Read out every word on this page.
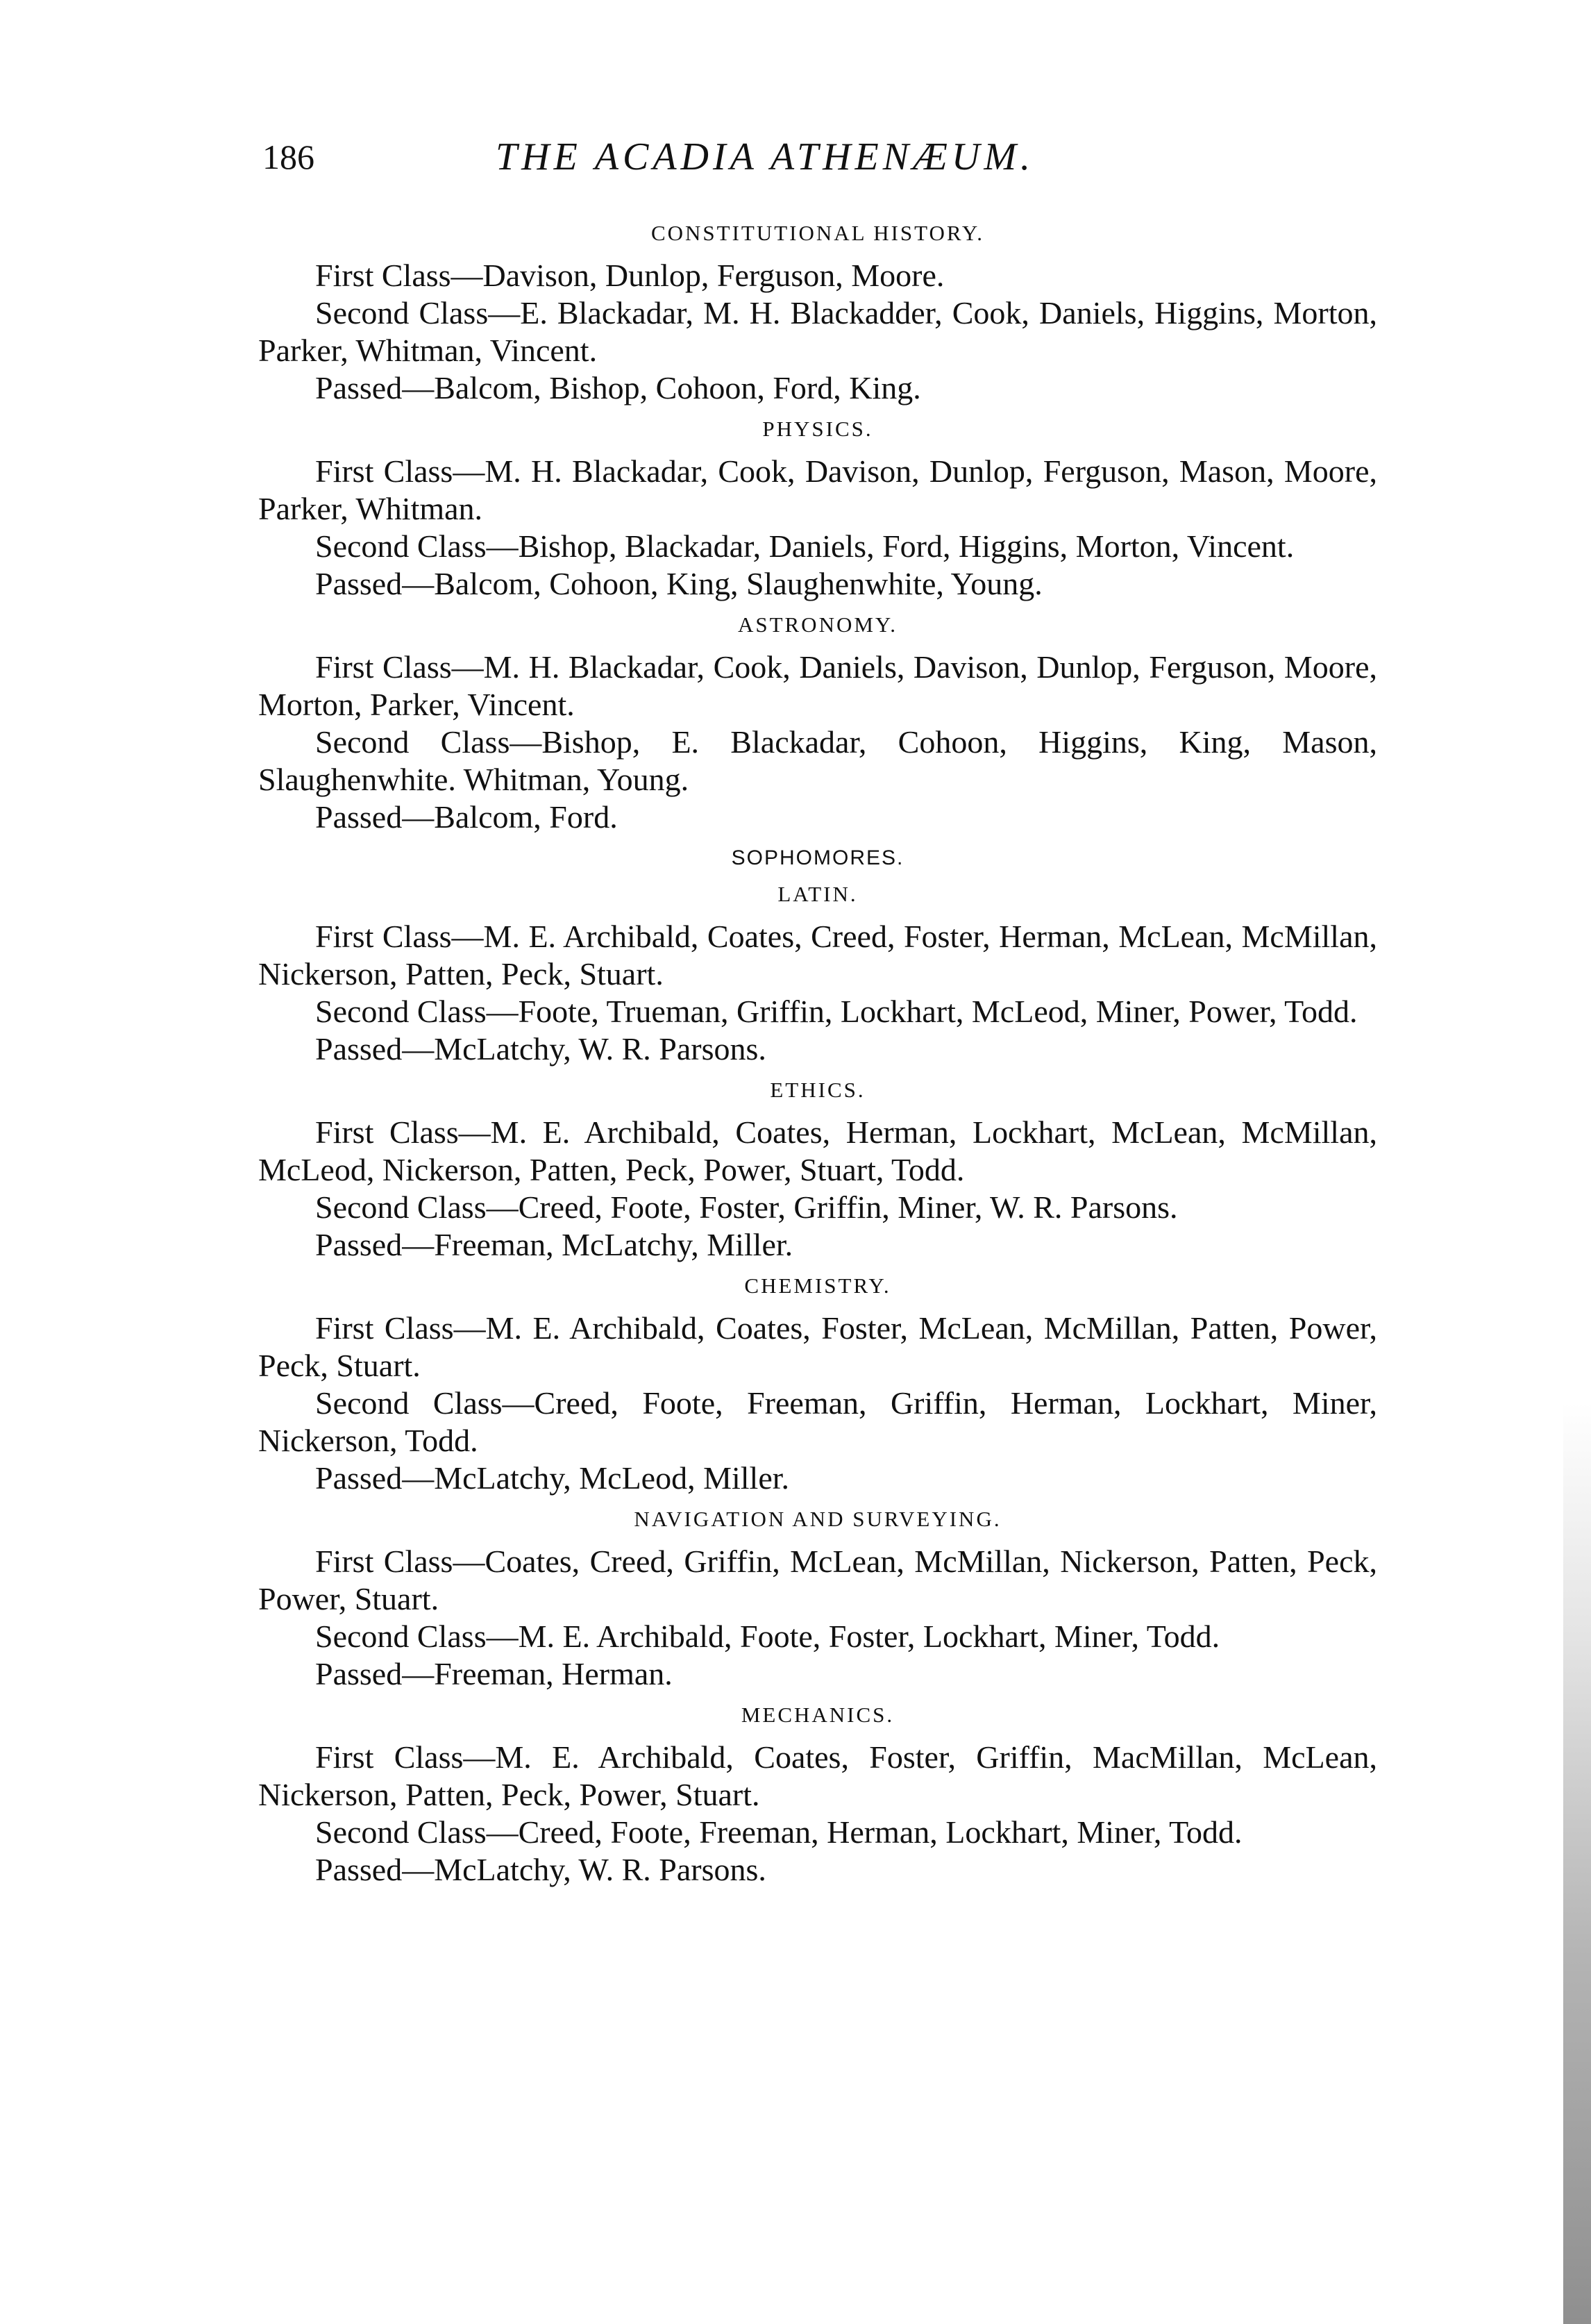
186	THE ACADIA ATHENÆUM.
CONSTITUTIONAL HISTORY.

First Class—Davison, Dunlop, Ferguson, Moore.

Second Class—E. Blackadar, M. H. Blackadder, Cook, Daniels, Higgins, Morton, Parker, Whitman, Vincent.

Passed—Balcom, Bishop, Cohoon, Ford, King.

PHYSICS.

First Class—M. H. Blackadar, Cook, Davison, Dunlop, Ferguson, Mason, Moore, Parker, Whitman.

Second Class—Bishop, Blackadar, Daniels, Ford, Higgins, Morton, Vincent.

Passed—Balcom, Cohoon, King, Slaughenwhite, Young.

ASTRONOMY.

First Class—M. H. Blackadar, Cook, Daniels, Davison, Dunlop, Ferguson, Moore, Morton, Parker, Vincent.

Second Class—Bishop, E. Blackadar, Cohoon, Higgins, King, Mason, Slaughenwhite. Whitman, Young.

Passed—Balcom, Ford.

SOPHOMORES.
LATIN.

First Class—M. E. Archibald, Coates, Creed, Foster, Herman, McLean, McMillan, Nickerson, Patten, Peck, Stuart.

Second Class—Foote, Trueman, Griffin, Lockhart, McLeod, Miner, Power, Todd.

Passed—McLatchy, W. R. Parsons.

ETHICS.

First Class—M. E. Archibald, Coates, Herman, Lockhart, McLean, McMillan, McLeod, Nickerson, Patten, Peck, Power, Stuart, Todd.

Second Class—Creed, Foote, Foster, Griffin, Miner, W. R. Parsons.

Passed—Freeman, McLatchy, Miller.

CHEMISTRY.

First Class—M. E. Archibald, Coates, Foster, McLean, McMillan, Patten, Power, Peck, Stuart.

Second Class—Creed, Foote, Freeman, Griffin, Herman, Lockhart, Miner, Nickerson, Todd.

Passed—McLatchy, McLeod, Miller.

NAVIGATION AND SURVEYING.

First Class—Coates, Creed, Griffin, McLean, McMillan, Nickerson, Patten, Peck, Power, Stuart.

Second Class—M. E. Archibald, Foote, Foster, Lockhart, Miner, Todd.

Passed—Freeman, Herman.

MECHANICS.

First Class—M. E. Archibald, Coates, Foster, Griffin, MacMillan, McLean, Nickerson, Patten, Peck, Power, Stuart.

Second Class—Creed, Foote, Freeman, Herman, Lockhart, Miner, Todd.

Passed—McLatchy, W. R. Parsons.
